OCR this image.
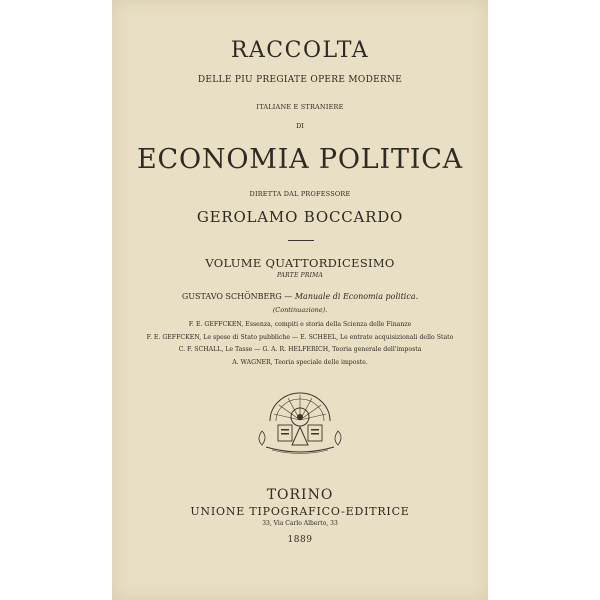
RACCOLTA
DELLE PIU PREGIATE OPERE MODERNE
ITALIANE E STRANIERE
DI
ECONOMIA POLITICA
DIRETTA DAL PROFESSORE
GEROLAMO BOCCARDO
VOLUME QUATTORDICESIMO
PARTE PRIMA
GUSTAVO SCHÖNBERG — Manuale di Economia politica.
(Continuazione).
F. E. GEFFCKEN, Essenza, compiti e storia della Scienza delle Finanze
F. E. GEFFCKEN, Le spese di Stato pubbliche — E. SCHEEL, Le entrate acquisizionali dello Stato
C. F. SCHALL, Le Tasse — G. A. R. HELFERICH, Teoria generale dell'imposta
A. WAGNER, Teoria speciale delle imposte.
TORINO
UNIONE TIPOGRAFICO-EDITRICE
33, Via Carlo Alberto, 33
1889
